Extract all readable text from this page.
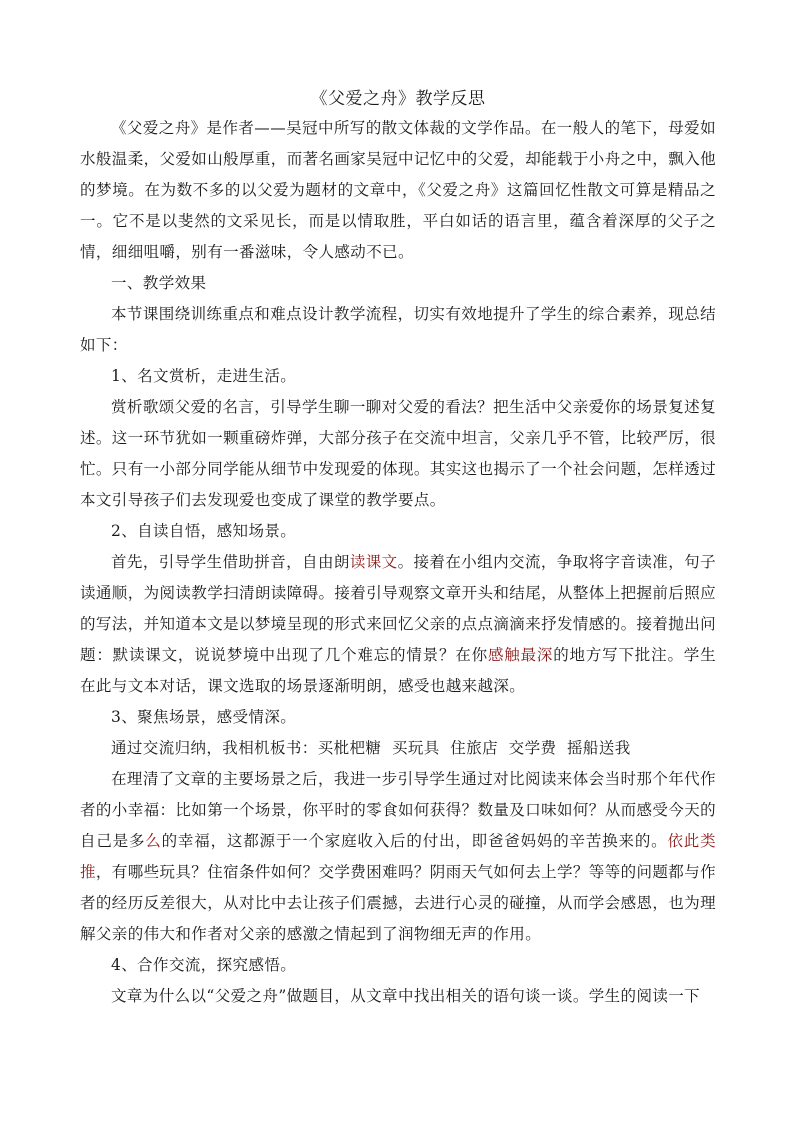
《父爱之舟》教学反思

《父爱之舟》是作者——吴冠中所写的散文体裁的文学作品。在一般人的笔下，母爱如水般温柔，父爱如山般厚重，而著名画家吴冠中记忆中的父爱，却能载于小舟之中，飘入他的梦境。在为数不多的以父爱为题材的文章中，《父爱之舟》这篇回忆性散文可算是精品之一。它不是以斐然的文采见长，而是以情取胜，平白如话的语言里，蕴含着深厚的父子之情，细细咀嚼，别有一番滋味，令人感动不已。

一、教学效果

本节课围绕训练重点和难点设计教学流程，切实有效地提升了学生的综合素养，现总结如下：

1、名文赏析，走进生活。

赏析歌颂父爱的名言，引导学生聊一聊对父爱的看法？把生活中父亲爱你的场景复述复述。这一环节犹如一颗重磅炸弹，大部分孩子在交流中坦言，父亲几乎不管，比较严厉，很忙。只有一小部分同学能从细节中发现爱的体现。其实这也揭示了一个社会问题，怎样透过本文引导孩子们去发现爱也变成了课堂的教学要点。

2、自读自悟，感知场景。

首先，引导学生借助拼音，自由朗读课文。接着在小组内交流，争取将字音读准，句子读通顺，为阅读教学扫清朗读障碍。接着引导观察文章开头和结尾，从整体上把握前后照应的写法，并知道本文是以梦境呈现的形式来回忆父亲的点点滴滴来抒发情感的。接着抛出问题：默读课文，说说梦境中出现了几个难忘的情景？在你感触最深的地方写下批注。学生在此与文本对话，课文选取的场景逐渐明朗，感受也越来越深。

3、聚焦场景，感受情深。

通过交流归纳，我相机板书：买枇杷糖  买玩具  住旅店  交学费  摇船送我

在理清了文章的主要场景之后，我进一步引导学生通过对比阅读来体会当时那个年代作者的小幸福：比如第一个场景，你平时的零食如何获得？数量及口味如何？从而感受今天的自己是多么的幸福，这都源于一个家庭收入后的付出，即爸爸妈妈的辛苦换来的。依此类推，有哪些玩具？住宿条件如何？交学费困难吗？阴雨天气如何去上学？等等的问题都与作者的经历反差很大，从对比中去让孩子们震撼，去进行心灵的碰撞，从而学会感恩，也为理解父亲的伟大和作者对父亲的感激之情起到了润物细无声的作用。

4、合作交流，探究感悟。

文章为什么以“父爱之舟”做题目，从文章中找出相关的语句谈一谈。学生的阅读一下
